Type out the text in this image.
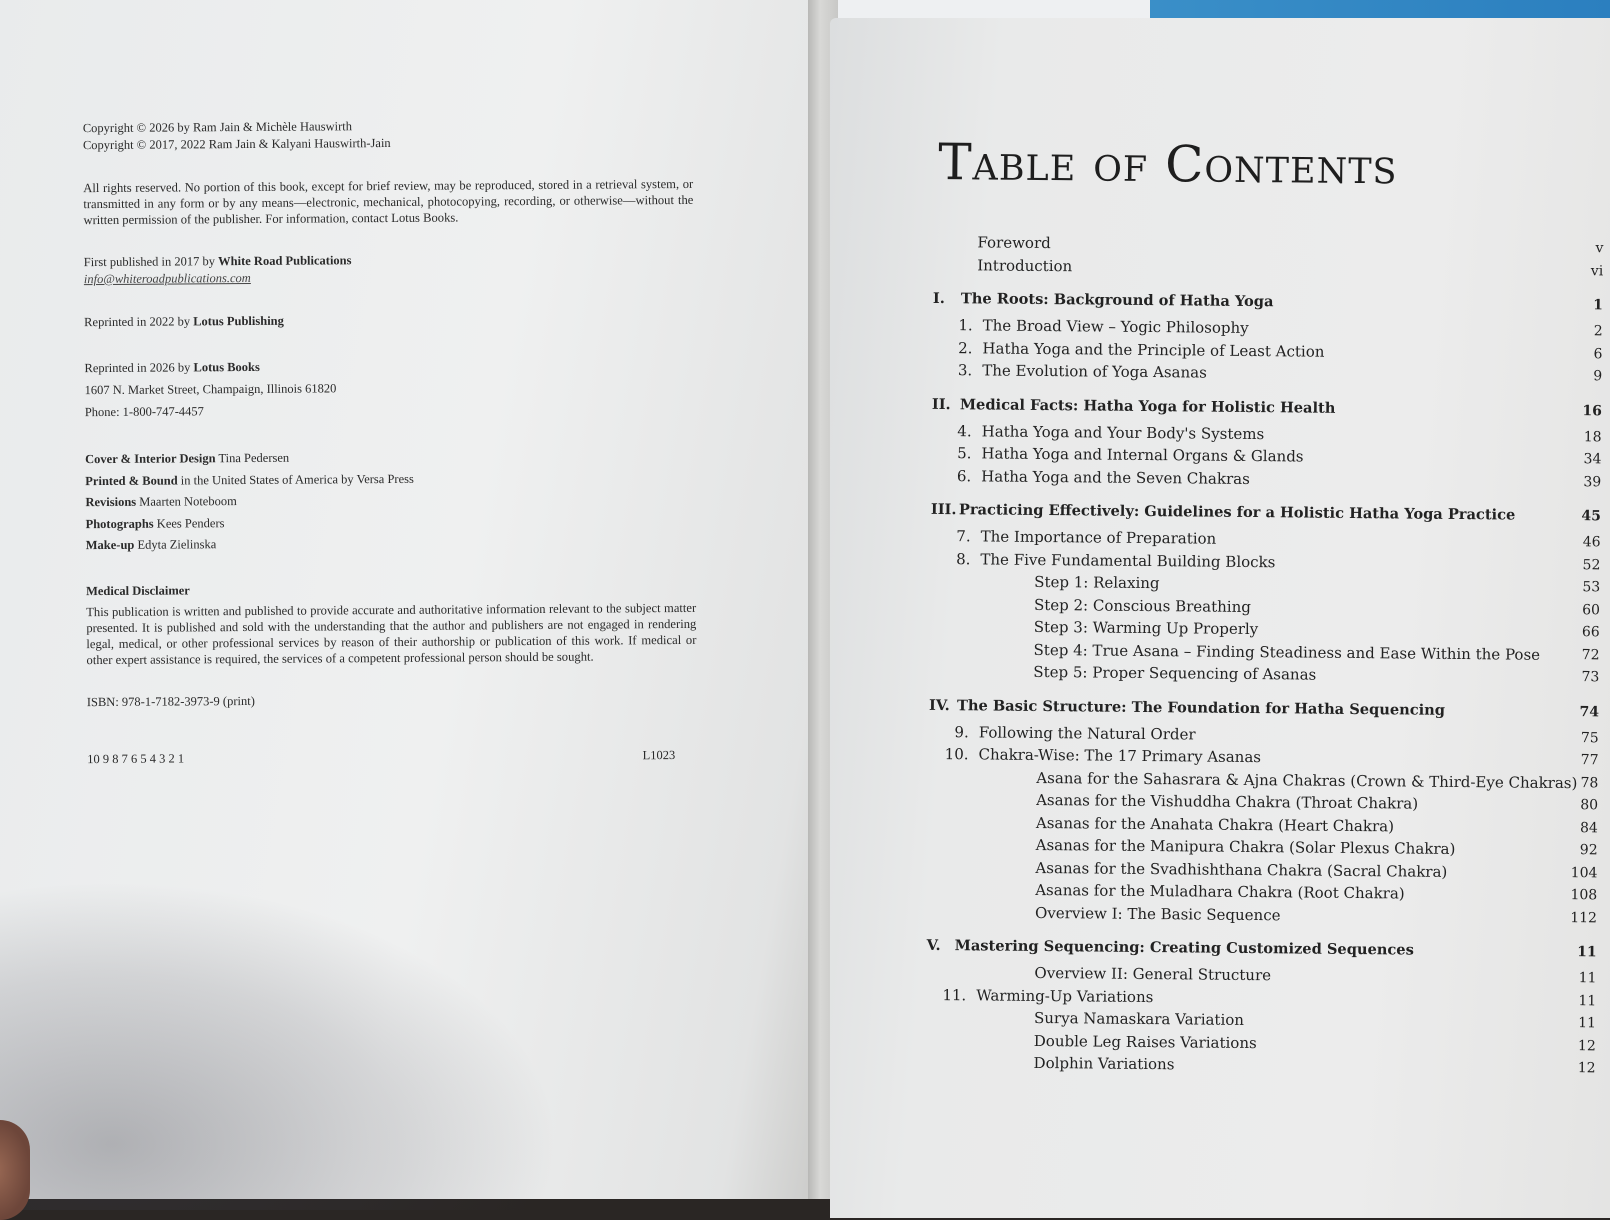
Copyright © 2026 by Ram Jain & Michèle Hauswirth
Copyright © 2017, 2022 Ram Jain & Kalyani Hauswirth-Jain
All rights reserved. No portion of this book, except for brief review, may be reproduced, stored in a retrieval system, or transmitted in any form or by any means—electronic, mechanical, photocopying, recording, or otherwise—without the written permission of the publisher. For information, contact Lotus Books.
First published in 2017 by White Road Publications
info@whiteroadpublications.com
Reprinted in 2022 by Lotus Publishing
Reprinted in 2026 by Lotus Books
1607 N. Market Street, Champaign, Illinois 61820
Phone: 1-800-747-4457
Cover & Interior Design Tina Pedersen
Printed & Bound in the United States of America by Versa Press
Revisions Maarten Noteboom
Photographs Kees Penders
Make-up Edyta Zielinska
Medical Disclaimer
This publication is written and published to provide accurate and authoritative information relevant to the subject matter presented. It is published and sold with the understanding that the author and publishers are not engaged in rendering legal, medical, or other professional services by reason of their authorship or publication of this work. If medical or other expert assistance is required, the services of a competent professional person should be sought.
ISBN: 978-1-7182-3973-9 (print)
10 9 8 7 6 5 4 3 2 1	L1023
Table of Contents
Foreword	v
Introduction	vi
I.	The Roots: Background of Hatha Yoga	1
1. The Broad View – Yogic Philosophy	2
2. Hatha Yoga and the Principle of Least Action	6
3. The Evolution of Yoga Asanas	9
II. Medical Facts: Hatha Yoga for Holistic Health	16
4. Hatha Yoga and Your Body's Systems	18
5. Hatha Yoga and Internal Organs & Glands	34
6. Hatha Yoga and the Seven Chakras	39
III. Practicing Effectively: Guidelines for a Holistic Hatha Yoga Practice	45
7. The Importance of Preparation	46
8. The Five Fundamental Building Blocks	52
Step 1: Relaxing	53
Step 2: Conscious Breathing	60
Step 3: Warming Up Properly	66
Step 4: True Asana – Finding Steadiness and Ease Within the Pose	72
Step 5: Proper Sequencing of Asanas	73
IV. The Basic Structure: The Foundation for Hatha Sequencing	74
9. Following the Natural Order	75
10. Chakra-Wise: The 17 Primary Asanas	77
Asana for the Sahasrara & Ajna Chakras (Crown & Third-Eye Chakras) 78
Asanas for the Vishuddha Chakra (Throat Chakra)	80
Asanas for the Anahata Chakra (Heart Chakra)	84
Asanas for the Manipura Chakra (Solar Plexus Chakra)	92
Asanas for the Svadhishthana Chakra (Sacral Chakra)	104
Asanas for the Muladhara Chakra (Root Chakra)	108
Overview I: The Basic Sequence	112
V. Mastering Sequencing: Creating Customized Sequences	11
Overview II: General Structure	11
11. Warming-Up Variations	11
Surya Namaskara Variation	11
Double Leg Raises Variations	12
Dolphin Variations	12
